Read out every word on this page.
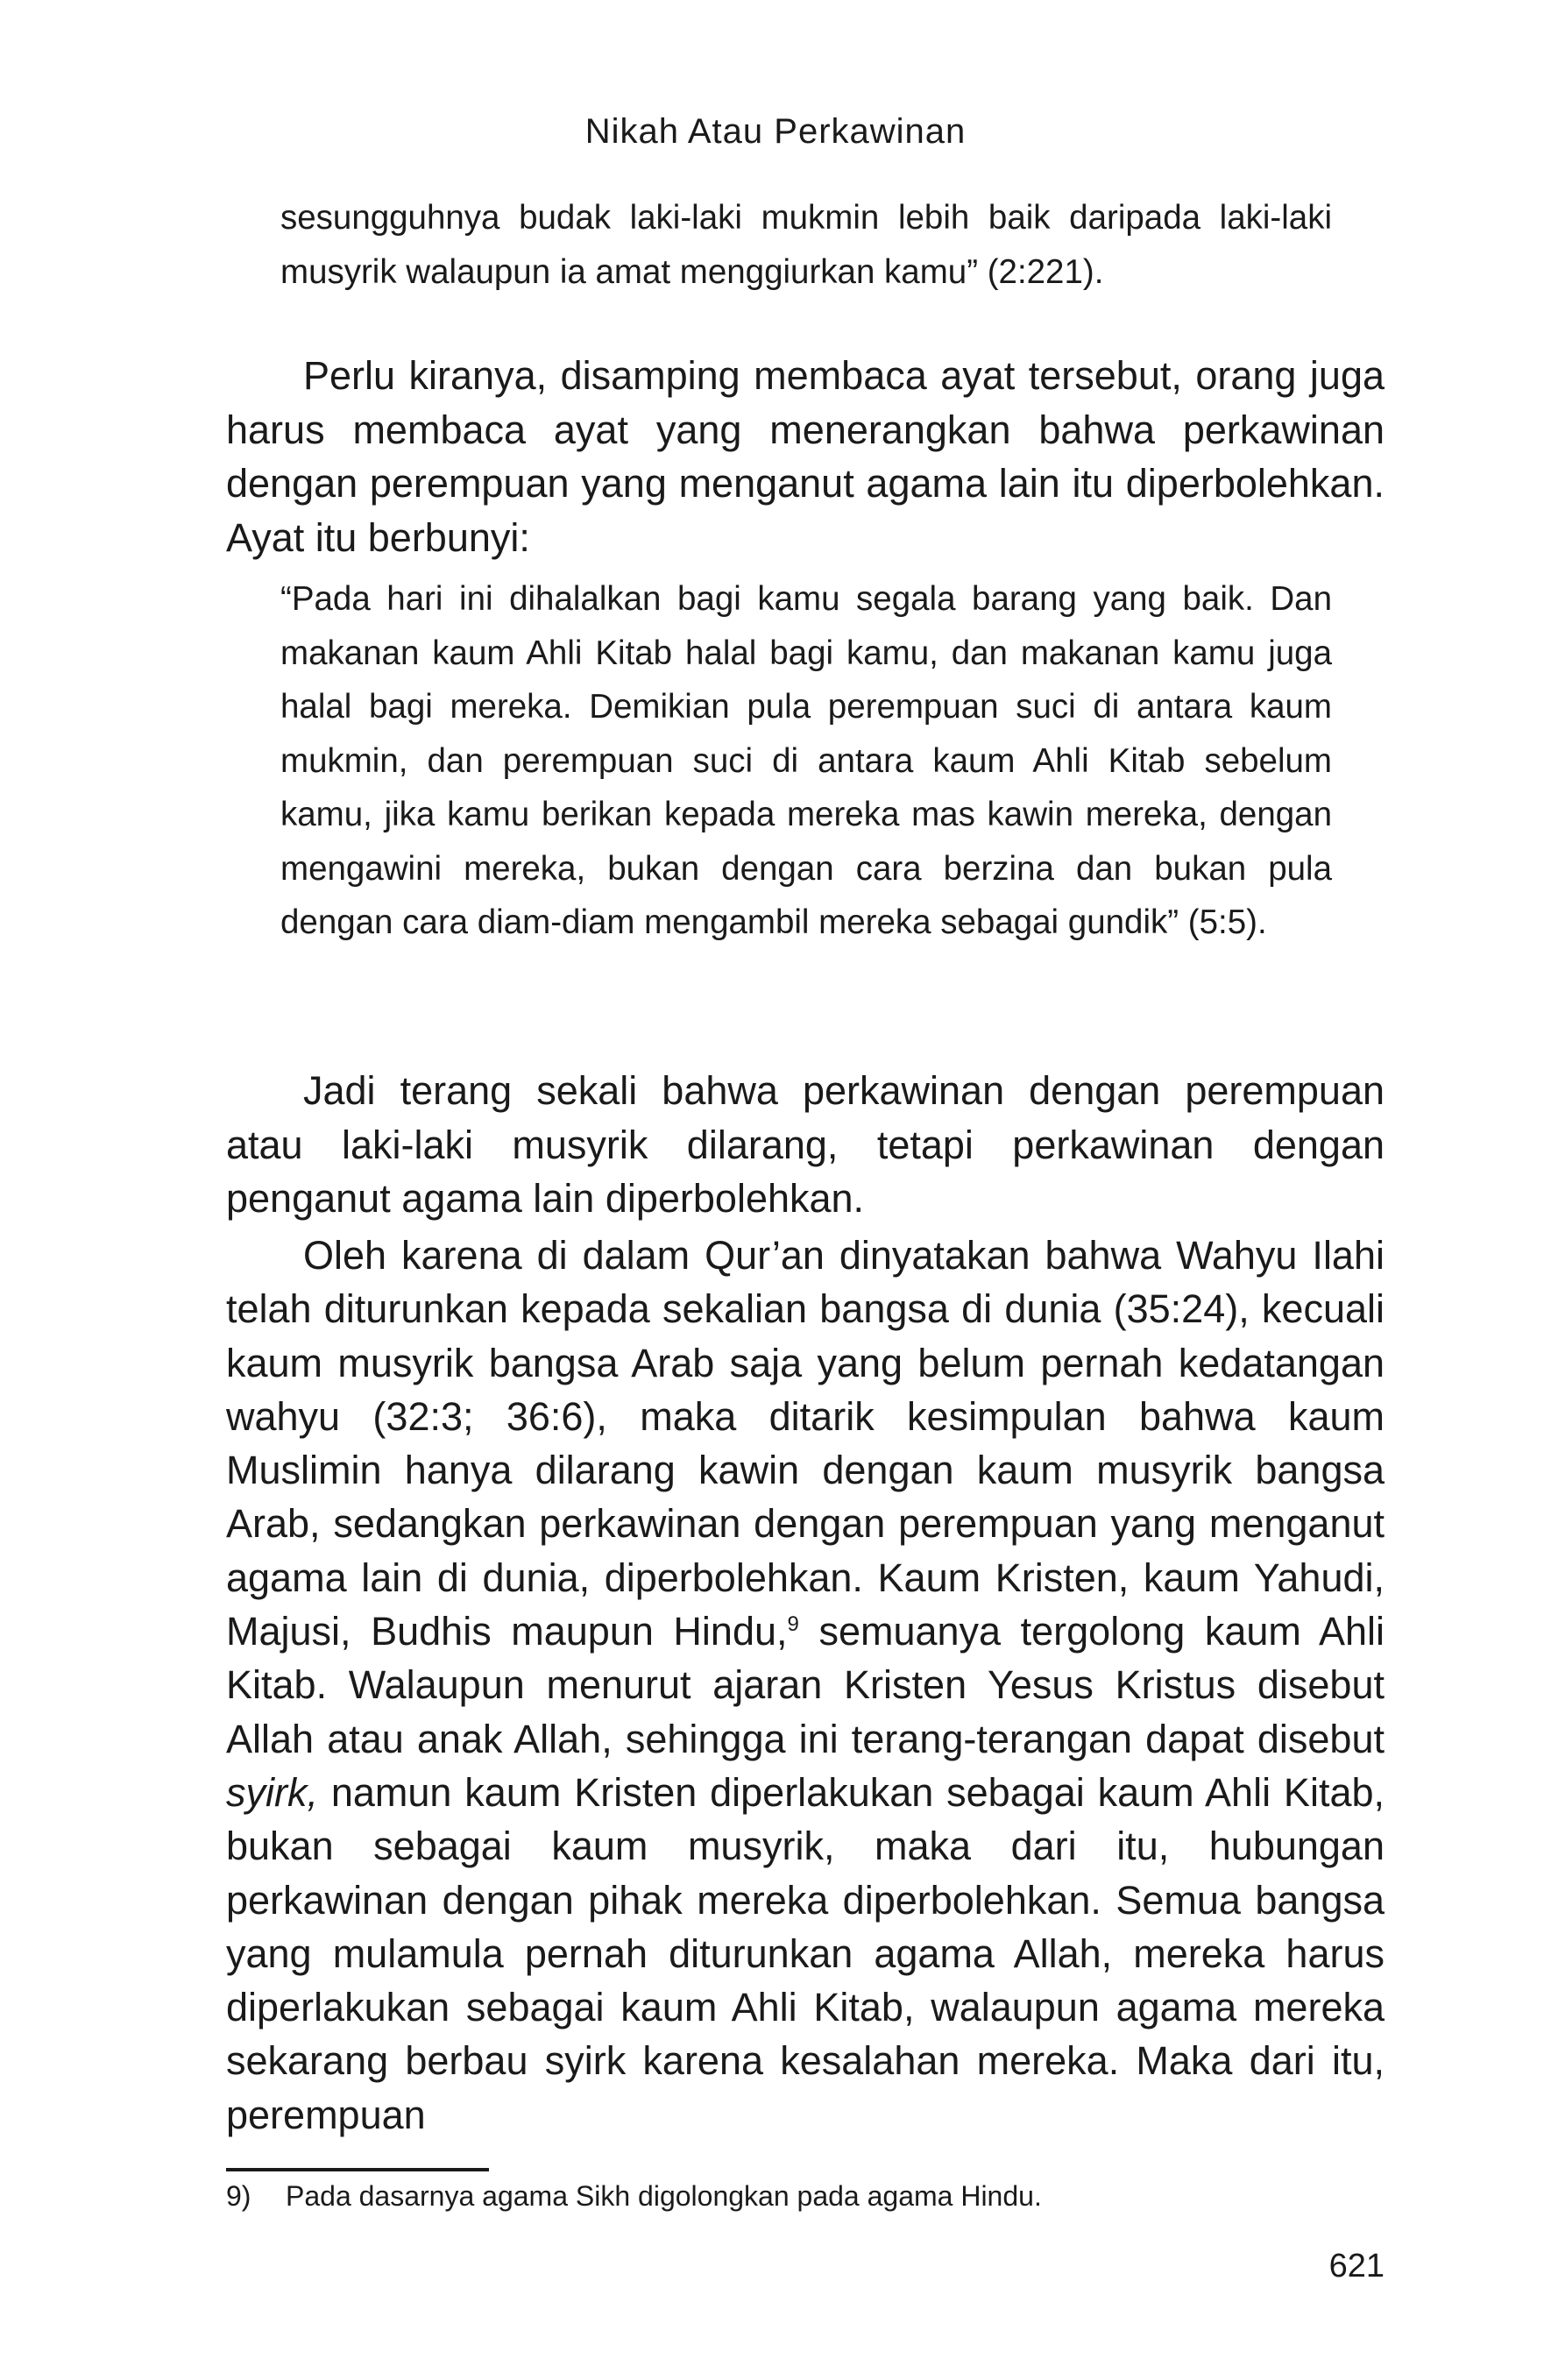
Nikah Atau Perkawinan

sesungguhnya budak laki-laki mukmin lebih baik daripada laki-laki musyrik walaupun ia amat menggiurkan kamu” (2:221).

Perlu kiranya, disamping membaca ayat tersebut, orang juga harus membaca ayat yang menerangkan bahwa perkawinan dengan perempuan yang menganut agama lain itu diperbolehkan. Ayat itu berbunyi:

“Pada hari ini dihalalkan bagi kamu segala barang yang baik. Dan makanan kaum Ahli Kitab halal bagi kamu, dan makanan kamu juga halal bagi mereka. Demikian pula perempuan suci di antara kaum mukmin, dan perempuan suci di antara kaum Ahli Kitab sebelum kamu, jika kamu berikan kepada mereka mas kawin mereka, dengan mengawini mereka, bukan dengan cara berzina dan bukan pula dengan cara diam-diam mengambil mereka sebagai gundik” (5:5).

Jadi terang sekali bahwa perkawinan dengan perempuan atau laki-laki musyrik dilarang, tetapi perkawinan dengan penganut agama lain diperbolehkan.

Oleh karena di dalam Qur’an dinyatakan bahwa Wahyu Ilahi telah diturunkan kepada sekalian bangsa di dunia (35:24), kecuali kaum musyrik bangsa Arab saja yang belum pernah kedatangan wahyu (32:3; 36:6), maka ditarik kesimpulan bahwa kaum Muslimin hanya dilarang kawin dengan kaum musyrik bangsa Arab, sedangkan perkawinan dengan perempuan yang menganut agama lain di dunia, diperbolehkan. Kaum Kristen, kaum Yahudi, Majusi, Budhis maupun Hindu,$^9$ semuanya tergolong kaum Ahli Kitab. Walaupun menurut ajaran Kristen Yesus Kristus disebut Allah atau anak Allah, sehingga ini terang-terangan dapat disebut syirk, namun kaum Kristen diperlakukan sebagai kaum Ahli Kitab, bukan sebagai kaum musyrik, maka dari itu, hubungan perkawinan dengan pihak mereka diperbolehkan. Semua bangsa yang mulamula pernah diturunkan agama Allah, mereka harus diperlakukan sebagai kaum Ahli Kitab, walaupun agama mereka sekarang berbau syirk karena kesalahan mereka. Maka dari itu, perempuan

9) Pada dasarnya agama Sikh digolongkan pada agama Hindu.
621
